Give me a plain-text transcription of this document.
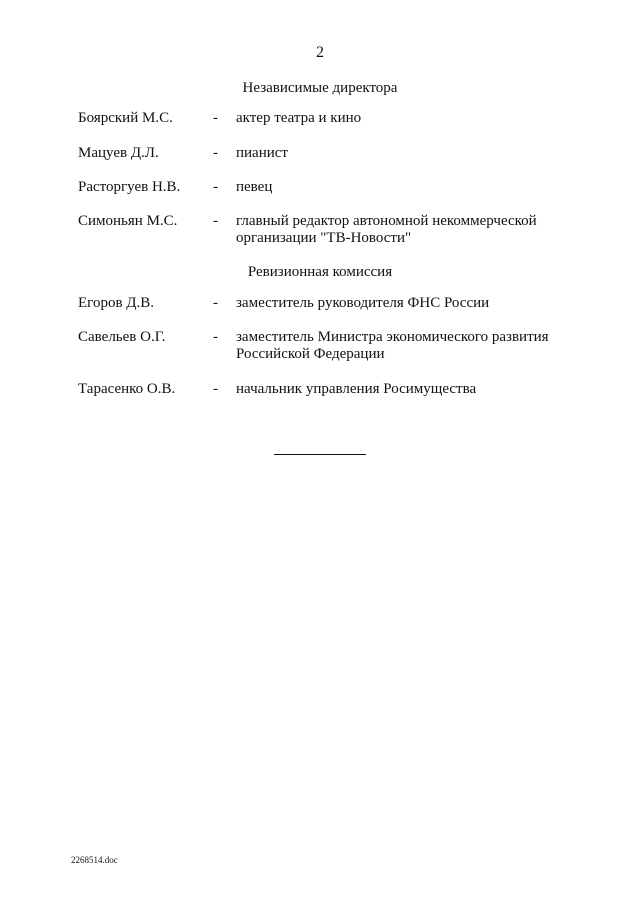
2
Независимые директора
Боярский М.С.	- актер театра и кино
Мацуев Д.Л.	- пианист
Расторгуев Н.В. - певец
Симоньян М.С. - главный редактор автономной некоммерческой организации "ТВ-Новости"
Ревизионная комиссия
Егоров Д.В.	- заместитель руководителя ФНС России
Савельев О.Г.	- заместитель Министра экономического развития Российской Федерации
Тарасенко О.В.	- начальник управления Росимущества
2268514.doc
